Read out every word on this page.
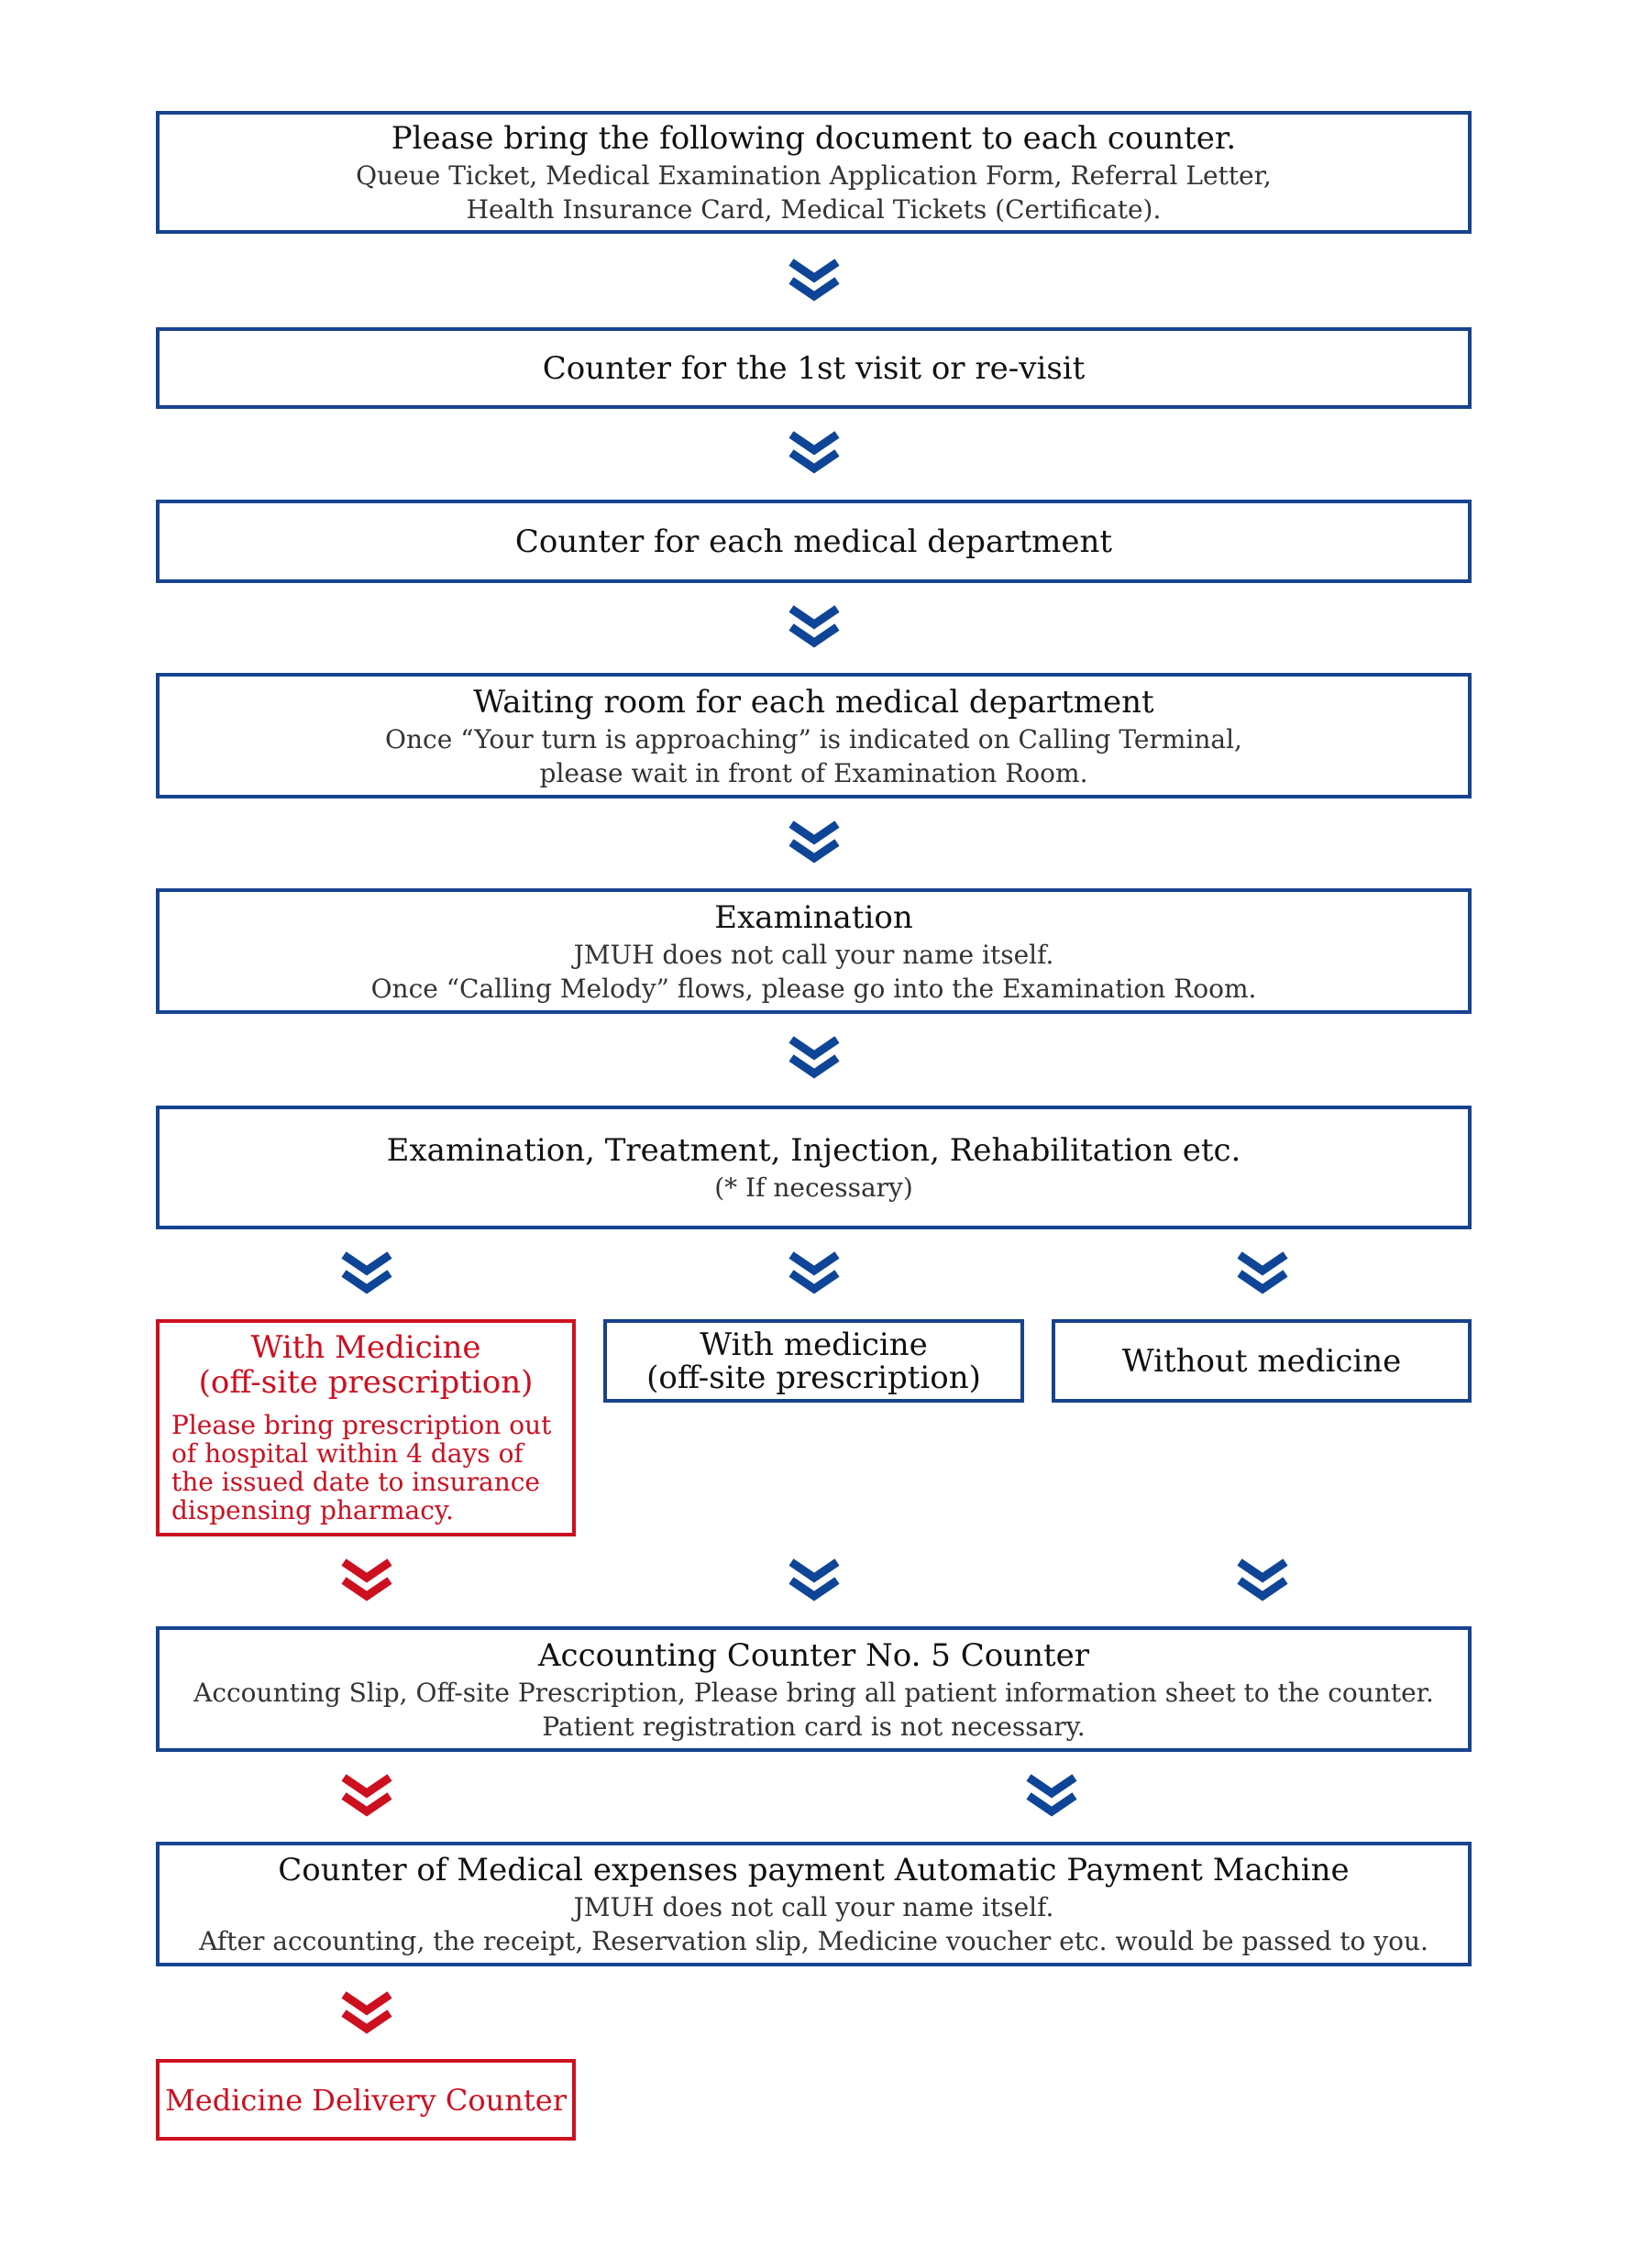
Please bring the following document to each counter.
Queue Ticket, Medical Examination Application Form, Referral Letter,
Health Insurance Card, Medical Tickets (Certificate).
Counter for the 1st visit or re-visit
Counter for each medical department
Waiting room for each medical department
Once “Your turn is approaching” is indicated on Calling Terminal,
please wait in front of Examination Room.
Examination
JMUH does not call your name itself.
Once “Calling Melody” flows, please go into the Examination Room.
Examination, Treatment, Injection, Rehabilitation etc.
(* If necessary)
With Medicine
(off-site prescription)
Please bring prescription out
of hospital within 4 days of
the issued date to insurance
dispensing pharmacy.
With medicine
(off-site prescription)	Without medicine
Accounting Counter No. 5 Counter
Accounting Slip, Off-site Prescription, Please bring all patient information sheet to the counter.
Patient registration card is not necessary.
Counter of Medical expenses payment Automatic Payment Machine
JMUH does not call your name itself.
After accounting, the receipt, Reservation slip, Medicine voucher etc. would be passed to you.
Medicine Delivery Counter
